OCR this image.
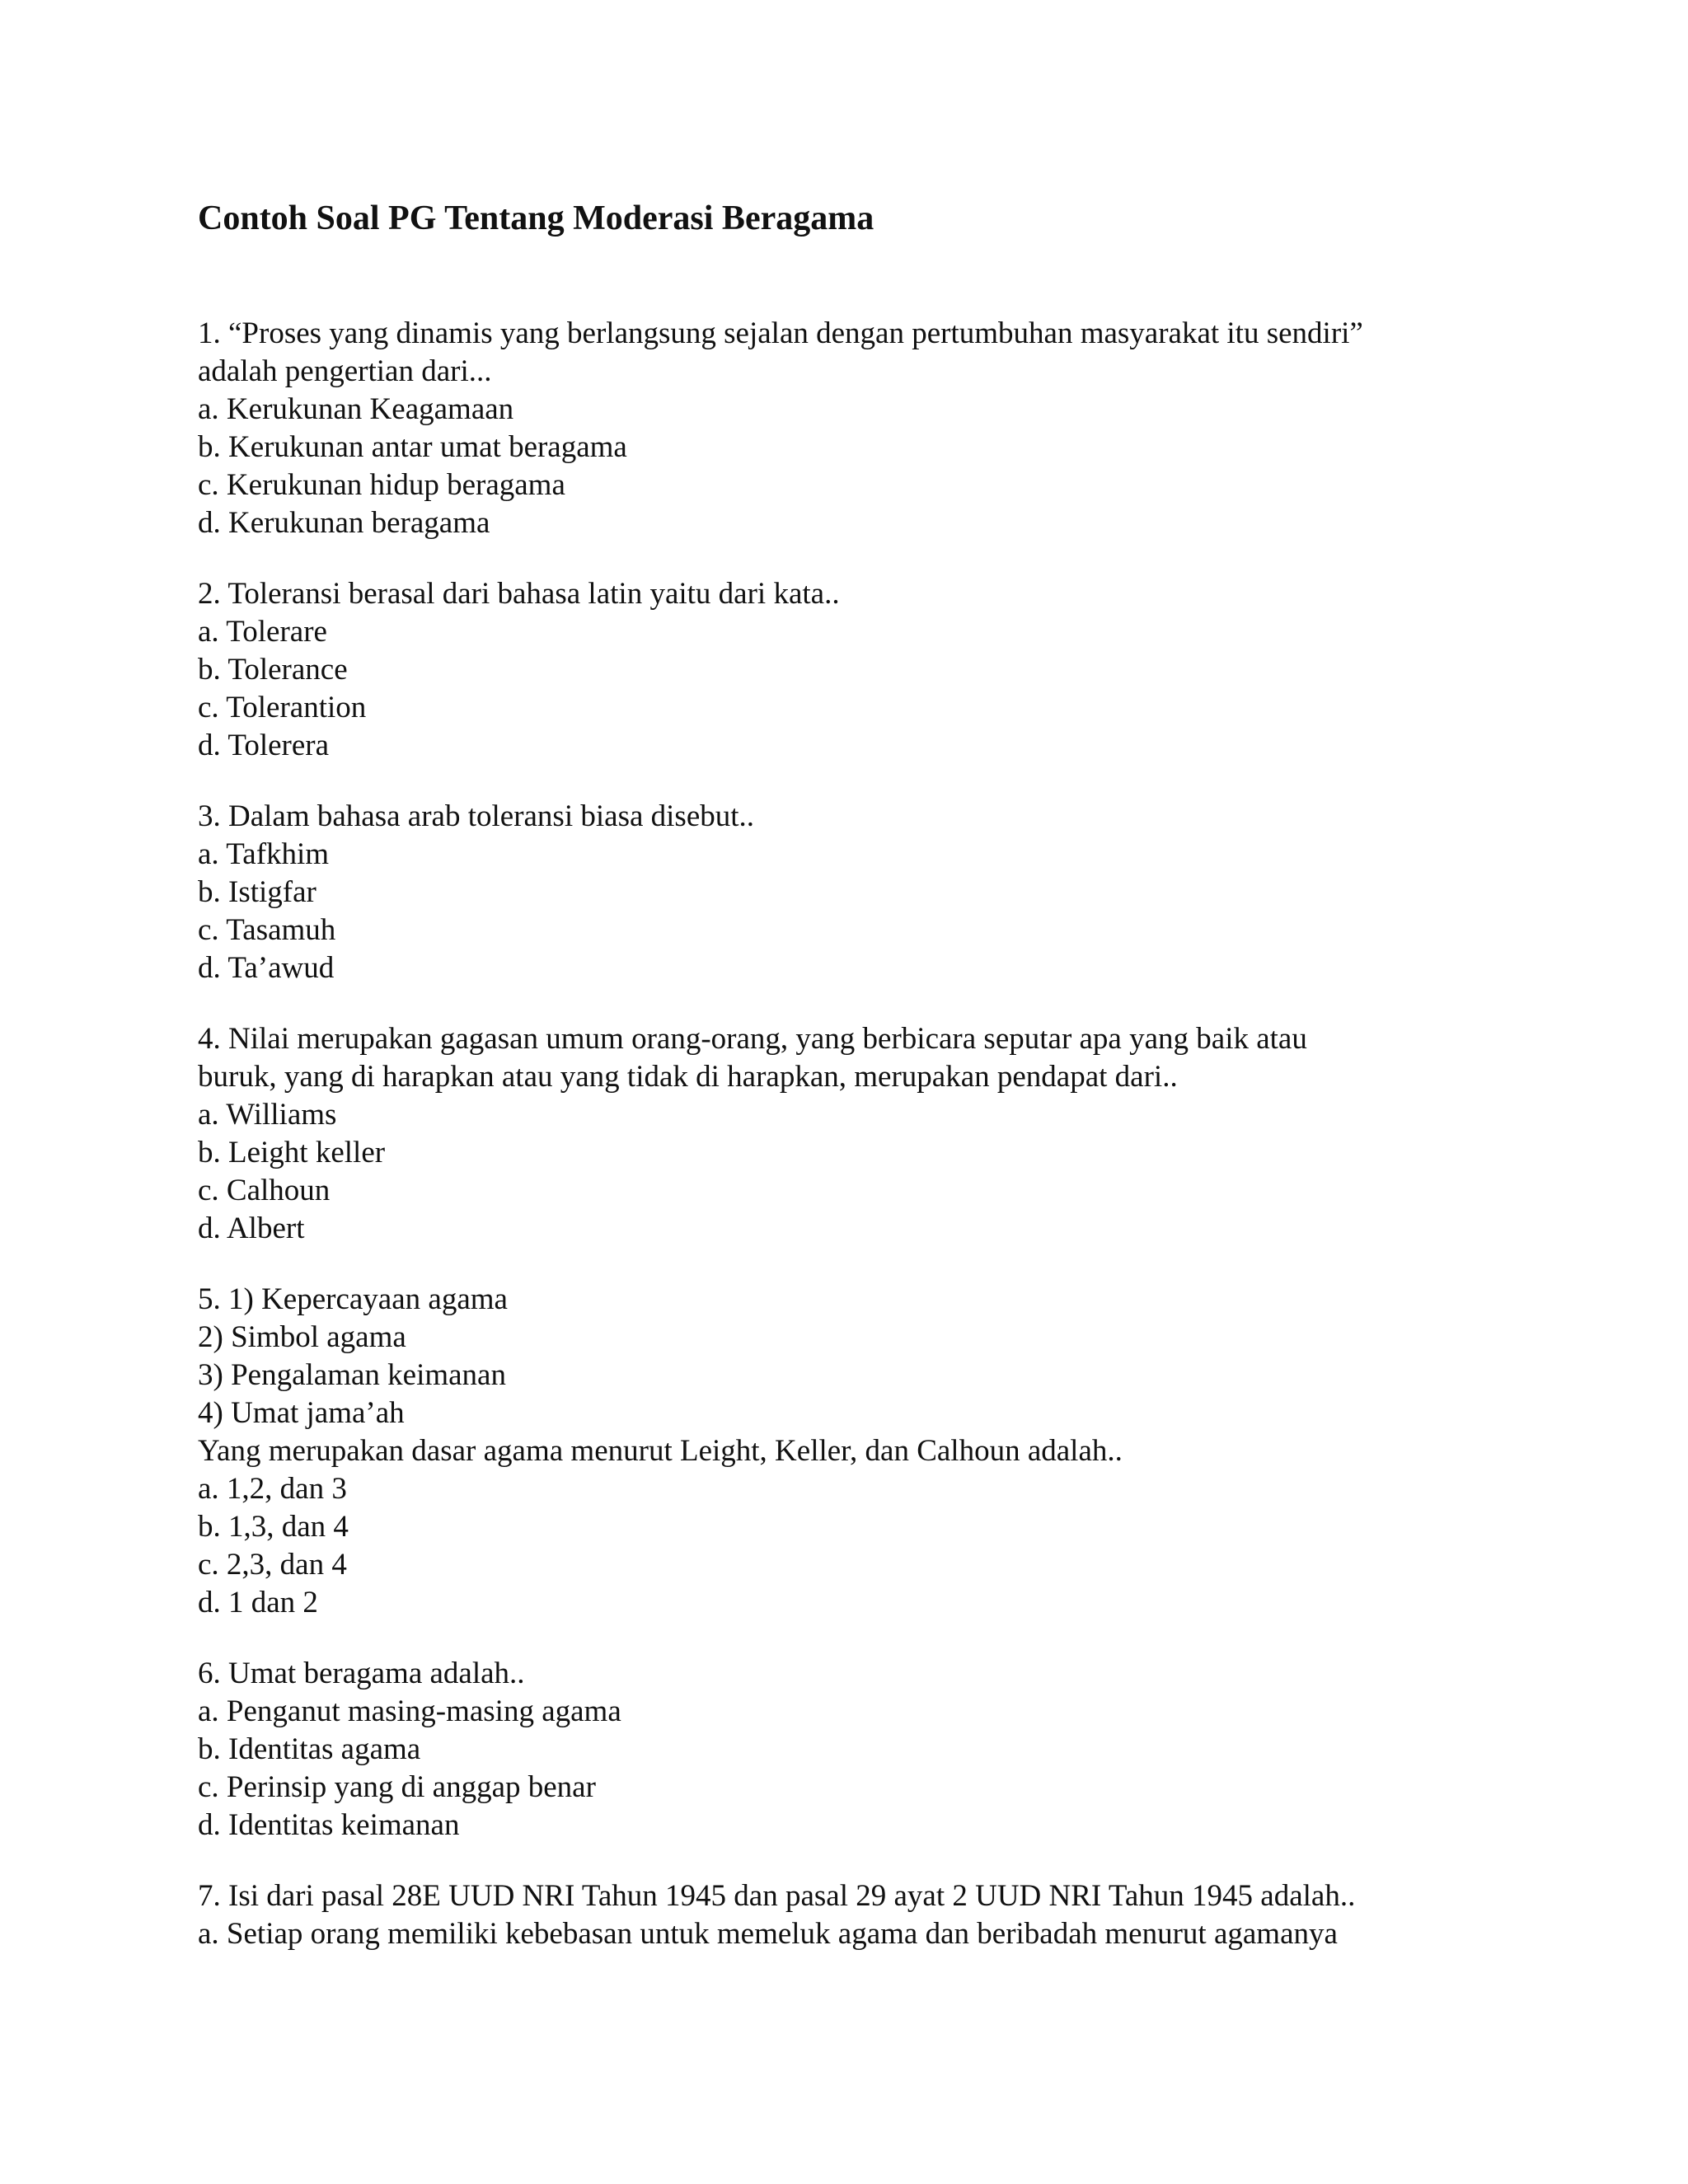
Contoh Soal PG Tentang Moderasi Beragama
1. “Proses yang dinamis yang berlangsung sejalan dengan pertumbuhan masyarakat itu sendiri”
adalah pengertian dari...
a. Kerukunan Keagamaan
b. Kerukunan antar umat beragama
c. Kerukunan hidup beragama
d. Kerukunan beragama
2. Toleransi berasal dari bahasa latin yaitu dari kata..
a. Tolerare
b. Tolerance
c. Tolerantion
d. Tolerera
3. Dalam bahasa arab toleransi biasa disebut..
a. Tafkhim
b. Istigfar
c. Tasamuh
d. Ta’awud
4. Nilai merupakan gagasan umum orang-orang, yang berbicara seputar apa yang baik atau
buruk, yang di harapkan atau yang tidak di harapkan, merupakan pendapat dari..
a. Williams
b. Leight keller
c. Calhoun
d. Albert
5. 1) Kepercayaan agama
2) Simbol agama
3) Pengalaman keimanan
4) Umat jama’ah
Yang merupakan dasar agama menurut Leight, Keller, dan Calhoun adalah..
a. 1,2, dan 3
b. 1,3, dan 4
c. 2,3, dan 4
d. 1 dan 2
6. Umat beragama adalah..
a. Penganut masing-masing agama
b. Identitas agama
c. Perinsip yang di anggap benar
d. Identitas keimanan
7. Isi dari pasal 28E UUD NRI Tahun 1945 dan pasal 29 ayat 2 UUD NRI Tahun 1945 adalah..
a. Setiap orang memiliki kebebasan untuk memeluk agama dan beribadah menurut agamanya
